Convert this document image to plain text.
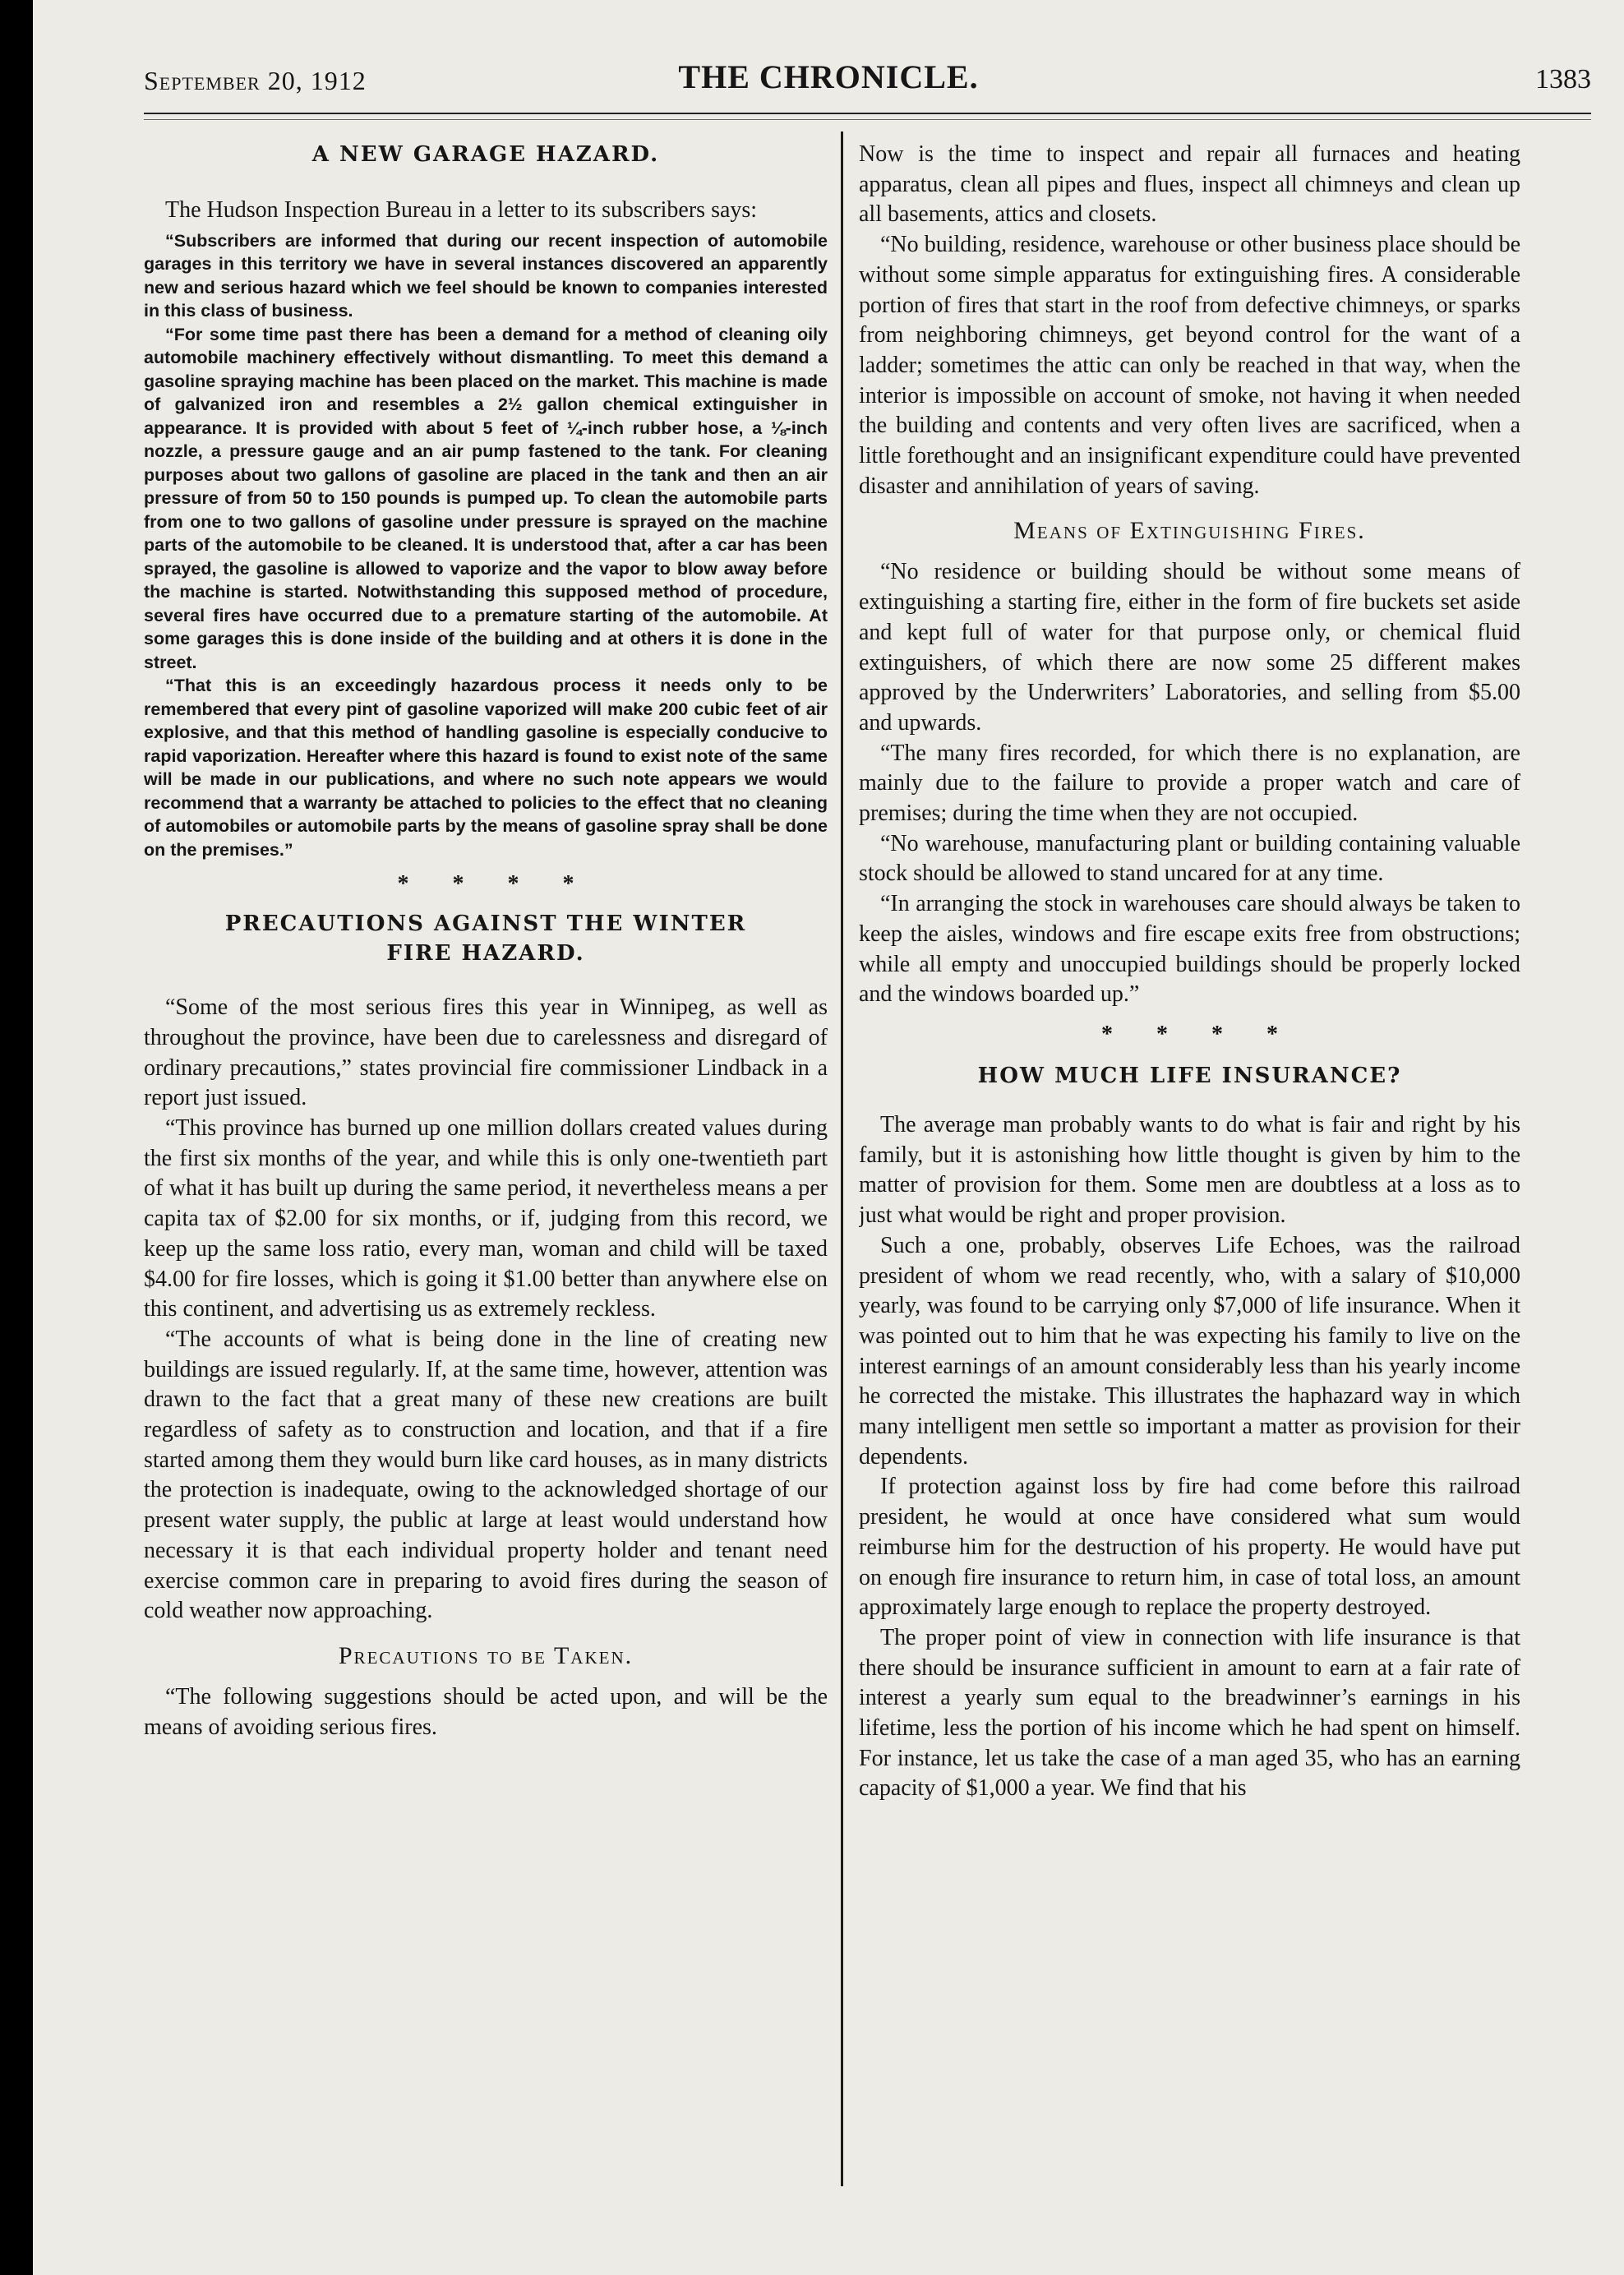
September 20, 1912	THE CHRONICLE.	1383
A NEW GARAGE HAZARD.

The Hudson Inspection Bureau in a letter to its subscribers says:

“Subscribers are informed that during our recent inspection of automobile garages in this territory we have in several instances discovered an apparently new and serious hazard which we feel should be known to companies interested in this class of business.

“For some time past there has been a demand for a method of cleaning oily automobile machinery effectively without dismantling. To meet this demand a gasoline spraying machine has been placed on the market. This machine is made of galvanized iron and resembles a 2½ gallon chemical extinguisher in appearance. It is provided with about 5 feet of ¼-inch rubber hose, a ⅛-inch nozzle, a pressure gauge and an air pump fastened to the tank. For cleaning purposes about two gallons of gasoline are placed in the tank and then an air pressure of from 50 to 150 pounds is pumped up. To clean the automobile parts from one to two gallons of gasoline under pressure is sprayed on the machine parts of the automobile to be cleaned. It is understood that, after a car has been sprayed, the gasoline is allowed to vaporize and the vapor to blow away before the machine is started. Notwithstanding this supposed method of procedure, several fires have occurred due to a premature starting of the automobile. At some garages this is done inside of the building and at others it is done in the street.

“That this is an exceedingly hazardous process it needs only to be remembered that every pint of gasoline vaporized will make 200 cubic feet of air explosive, and that this method of handling gasoline is especially conducive to rapid vaporization. Hereafter where this hazard is found to exist note of the same will be made in our publications, and where no such note appears we would recommend that a warranty be attached to policies to the effect that no cleaning of automobiles or automobile parts by the means of gasoline spray shall be done on the premises.”

* * * *
PRECAUTIONS AGAINST THE WINTER FIRE HAZARD.

“Some of the most serious fires this year in Winnipeg, as well as throughout the province, have been due to carelessness and disregard of ordinary precautions,” states provincial fire commissioner Lindback in a report just issued.

“This province has burned up one million dollars created values during the first six months of the year, and while this is only one-twentieth part of what it has built up during the same period, it nevertheless means a per capita tax of $2.00 for six months, or if, judging from this record, we keep up the same loss ratio, every man, woman and child will be taxed $4.00 for fire losses, which is going it $1.00 better than anywhere else on this continent, and advertising us as extremely reckless.

“The accounts of what is being done in the line of creating new buildings are issued regularly. If, at the same time, however, attention was drawn to the fact that a great many of these new creations are built regardless of safety as to construction and location, and that if a fire started among them they would burn like card houses, as in many districts the protection is inadequate, owing to the acknowledged shortage of our present water supply, the public at large at least would understand how necessary it is that each individual property holder and tenant need exercise common care in preparing to avoid fires during the season of cold weather now approaching.

Precautions to be Taken.

“The following suggestions should be acted upon, and will be the means of avoiding serious fires.

Now is the time to inspect and repair all furnaces and heating apparatus, clean all pipes and flues, inspect all chimneys and clean up all basements, attics and closets.

“No building, residence, warehouse or other business place should be without some simple apparatus for extinguishing fires. A considerable portion of fires that start in the roof from defective chimneys, or sparks from neighboring chimneys, get beyond control for the want of a ladder; sometimes the attic can only be reached in that way, when the interior is impossible on account of smoke, not having it when needed the building and contents and very often lives are sacrificed, when a little forethought and an insignificant expenditure could have prevented disaster and annihilation of years of saving.

Means of Extinguishing Fires.

“No residence or building should be without some means of extinguishing a starting fire, either in the form of fire buckets set aside and kept full of water for that purpose only, or chemical fluid extinguishers, of which there are now some 25 different makes approved by the Underwriters’ Laboratories, and selling from $5.00 and upwards.

“The many fires recorded, for which there is no explanation, are mainly due to the failure to provide a proper watch and care of premises; during the time when they are not occupied.

“No warehouse, manufacturing plant or building containing valuable stock should be allowed to stand uncared for at any time.

“In arranging the stock in warehouses care should always be taken to keep the aisles, windows and fire escape exits free from obstructions; while all empty and unoccupied buildings should be properly locked and the windows boarded up.”

* * * *
HOW MUCH LIFE INSURANCE?

The average man probably wants to do what is fair and right by his family, but it is astonishing how little thought is given by him to the matter of provision for them. Some men are doubtless at a loss as to just what would be right and proper provision.

Such a one, probably, observes Life Echoes, was the railroad president of whom we read recently, who, with a salary of $10,000 yearly, was found to be carrying only $7,000 of life insurance. When it was pointed out to him that he was expecting his family to live on the interest earnings of an amount considerably less than his yearly income he corrected the mistake. This illustrates the haphazard way in which many intelligent men settle so important a matter as provision for their dependents.

If protection against loss by fire had come before this railroad president, he would at once have considered what sum would reimburse him for the destruction of his property. He would have put on enough fire insurance to return him, in case of total loss, an amount approximately large enough to replace the property destroyed.

The proper point of view in connection with life insurance is that there should be insurance sufficient in amount to earn at a fair rate of interest a yearly sum equal to the breadwinner’s earnings in his lifetime, less the portion of his income which he had spent on himself. For instance, let us take the case of a man aged 35, who has an earning capacity of $1,000 a year. We find that his
